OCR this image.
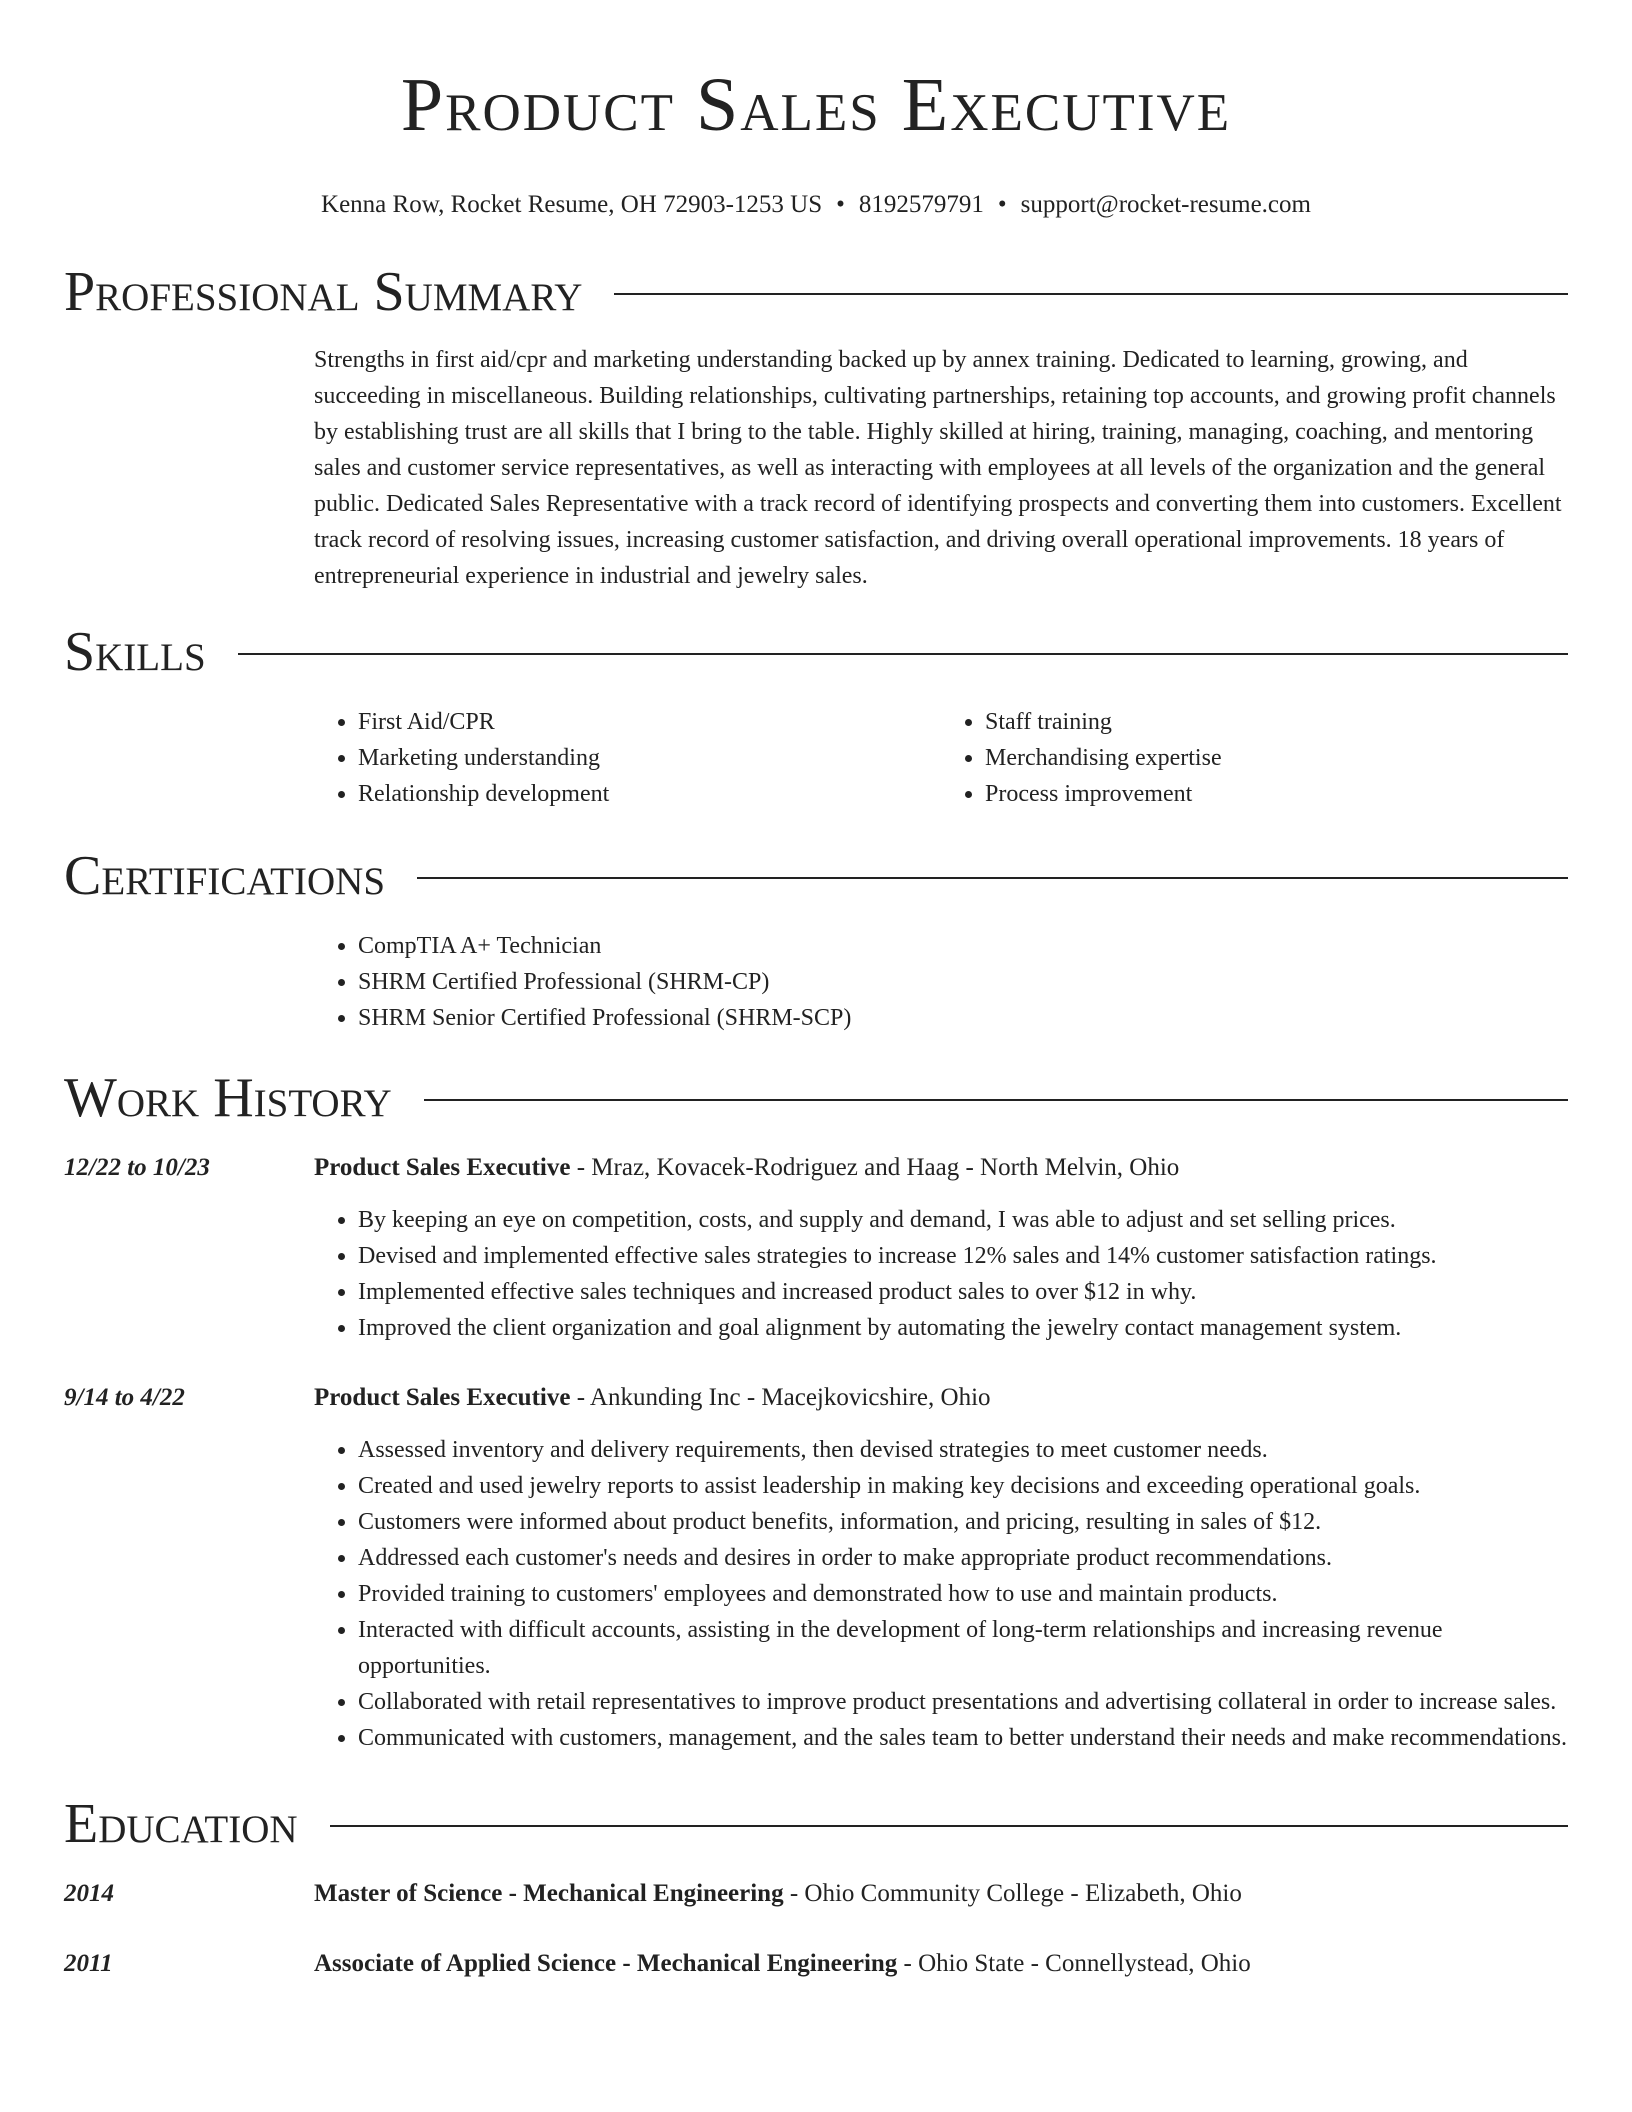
Product Sales Executive
Kenna Row, Rocket Resume, OH 72903-1253 US • 8192579791 • support@rocket-resume.com
Professional Summary

Strengths in first aid/cpr and marketing understanding backed up by annex training. Dedicated to learning, growing, and succeeding in miscellaneous. Building relationships, cultivating partnerships, retaining top accounts, and growing profit channels by establishing trust are all skills that I bring to the table. Highly skilled at hiring, training, managing, coaching, and mentoring sales and customer service representatives, as well as interacting with employees at all levels of the organization and the general public. Dedicated Sales Representative with a track record of identifying prospects and converting them into customers. Excellent track record of resolving issues, increasing customer satisfaction, and driving overall operational improvements. 18 years of entrepreneurial experience in industrial and jewelry sales.

Skills
• First Aid/CPR
• Marketing understanding
• Relationship development
• Staff training
• Merchandising expertise
• Process improvement
Certifications
• CompTIA A+ Technician
• SHRM Certified Professional (SHRM-CP)
• SHRM Senior Certified Professional (SHRM-SCP)
Work History
12/22 to 10/23	Product Sales Executive - Mraz, Kovacek-Rodriguez and Haag - North Melvin, Ohio
• By keeping an eye on competition, costs, and supply and demand, I was able to adjust and set selling prices.
• Devised and implemented effective sales strategies to increase 12% sales and 14% customer satisfaction ratings.
• Implemented effective sales techniques and increased product sales to over $12 in why.
• Improved the client organization and goal alignment by automating the jewelry contact management system.
9/14 to 4/22	Product Sales Executive - Ankunding Inc - Macejkovicshire, Ohio
• Assessed inventory and delivery requirements, then devised strategies to meet customer needs.
• Created and used jewelry reports to assist leadership in making key decisions and exceeding operational goals.
• Customers were informed about product benefits, information, and pricing, resulting in sales of $12.
• Addressed each customer's needs and desires in order to make appropriate product recommendations.
• Provided training to customers' employees and demonstrated how to use and maintain products.
• Interacted with difficult accounts, assisting in the development of long-term relationships and increasing revenue opportunities.
• Collaborated with retail representatives to improve product presentations and advertising collateral in order to increase sales.
• Communicated with customers, management, and the sales team to better understand their needs and make recommendations.
Education
2014	Master of Science - Mechanical Engineering - Ohio Community College - Elizabeth, Ohio
2011	Associate of Applied Science - Mechanical Engineering - Ohio State - Connellystead, Ohio
